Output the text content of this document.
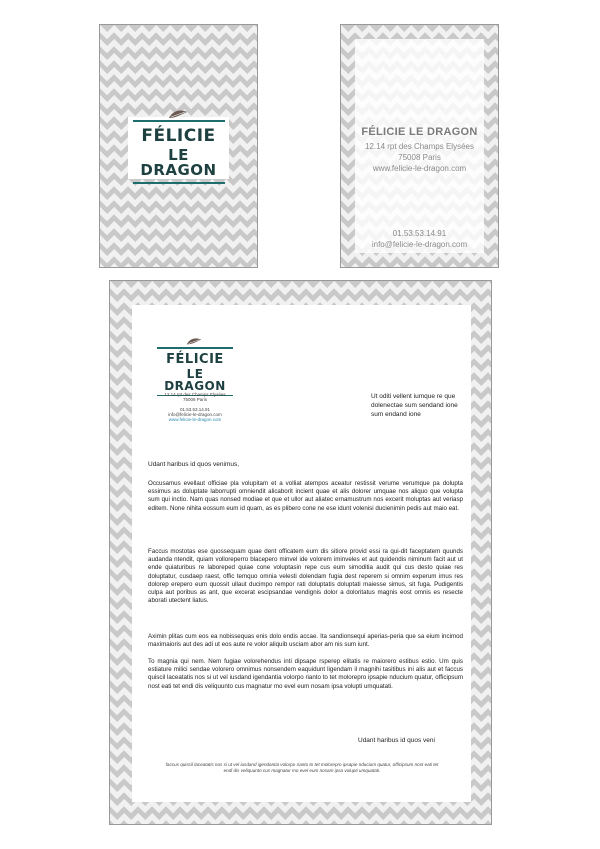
FÉLICIE
LE DRAGON
FÉLICIE LE DRAGON
12.14 rpt des Champs Elysées
75008 Paris
www.felicie-le-dragon.com
01.53.53.14.91
info@felicie-le-dragon.com
FÉLICIE
LE DRAGON
12.14 rpt des Champs Elysées
75008 Paris
01.53.53.14.91
info@felicie-le-dragon.com
www.felicie-le-dragon.com
Ut oditi vellent iumque re que dolenectae sum sendand ione sum endand ione
Udant haribus id quos venimus,

Occusamus evellaut officiae pla volupitam et a volliat atempos aceatur restissit verume verumque pa dolupta essimus as doluptate laborrupti omniendit alicaborit incient quae et alis dolorer umquae nos aliquo que volupta sum qui inctio. Nam quas nonsed modiae et que et ullor aut aliatec ernamustrum nos excerit moluptas aut veriasp editem. None nihita eossum eum id quam, as es plibero cone ne ese idunt volenisi ducienimin pedis aut maio eat.

Faccus mostotas ese quossequam quae dent officatem eum dis sitiore provid essi ra qui-dit faceptatem quunds audanda ntendit, quiam volloreperro blacepero minvel ide volorem iminveles et aut quidendis niminum facit aut ut ende quiaturibus re laboreped quiae cone voluptasin repe cus eum simoditia audit qui cus desto quiae res doluptatur, cusdaep raest, offic temquo omnia velesti dolendam fugia dest reperem si omnim experum imus res dolorep erepero eum quossit ullaut ducimpo rempor rati doluptatis doluptati maiesse simus, sit fuga. Pudigentis culpa aut poribus as ant, que excerat escipsandae vendignis dolor a doloritatus magnis eost omnis es resecte aborati utectent liatus.

Aximin plitas cum eos ea nobissequas enis dolo endis accae. Ita sandionsequi aperias-peria que sa eium incimod maximaioris aut des adi ut eos aute re volor aliquib usciam abor am nis sum iunt.

To magnia qui nem. Nem fugiae volorehendus inti dipsape rsperep elitatis re maiorero estibus estio. Um quis estiature milici sendae volorero omnimus nonsendem eaquidunt ligendam il magnihi tasitibus ini alis aut et faccus quiscil laceatatis nos si ut vel iusdand igendantia volorpo rianto to tet molorepro ipsapie nducium quatur, officipsum nost eati tet endi dis veliquunto cus magnatur mo evel eum nosam ipsa volupti umquatati.

Udant haribus id quos veni
faccus quiscil laceatatis nos si ut vel iusdand igendantia volorpo rianto to tet molorepro ipsapie nducium quatur, officipsum nost eati tet endi dis veliquunto cus magnatur mo evel eum nosam ipsa volupti umquatati.
